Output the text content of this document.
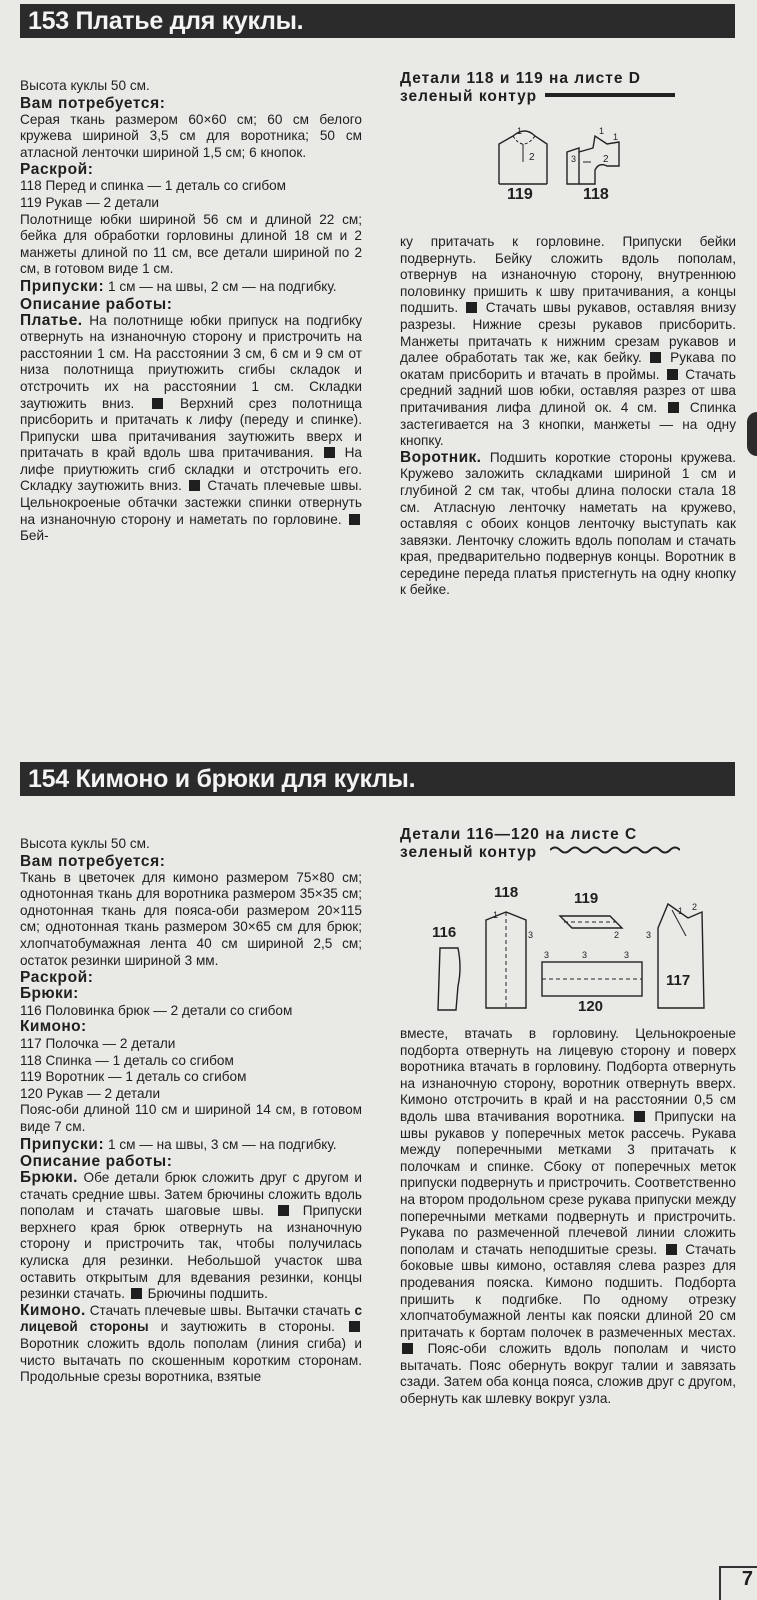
153 Платье для куклы.

Высота куклы 50 см.

Вам потребуется:

Серая ткань размером 60×60 см; 60 см белого кружева шириной 3,5 см для воротника; 50 см атласной ленточки шириной 1,5 см; 6 кнопок.

Раскрой:

118 Перед и спинка — 1 деталь со сгибом

119 Рукав — 2 детали

Полотнище юбки шириной 56 см и длиной 22 см; бейка для обработки горловины длиной 18 см и 2 манжеты длиной по 11 см, все детали шириной по 2 см, в готовом виде 1 см.

Припуски: 1 см — на швы, 2 см — на подгибку.

Описание работы:

Платье. На полотнище юбки припуск на подгибку отвернуть на изнаночную сторону и пристрочить на расстоянии 1 см. На расстоянии 3 см, 6 см и 9 см от низа полотнища приутюжить сгибы складок и отстрочить их на расстоянии 1 см. Складки заутюжить вниз.	Верхний срез полотнища присборить и притачать к лифу (переду и спинке). Припуски шва притачивания заутюжить вверх и притачать в край вдоль шва притачивания. На лифе приутюжить сгиб складки и отстрочить его. Складку заутюжить вниз. Стачать плечевые швы. Цельнокроеные обтачки застежки спинки отвернуть на изнаночную сторону и наметать по горловине.  Бей-

Детали 118 и 119 на листе D

зеленый контур

2
1	1
1
2
3
119	118

ку притачать к горловине. Припуски бейки подвернуть. Бейку сложить вдоль пополам, отвернув на изнаночную сторону, внутреннюю половинку пришить к шву притачивания, а концы подшить. Стачать швы рукавов, оставляя внизу разрезы. Нижние срезы рукавов присборить. Манжеты притачать к нижним срезам рукавов и далее обработать так же, как бейку. Рукава по окатам присборить и втачать в проймы. Стачать средний задний шов юбки, оставляя разрез от шва притачивания лифа длиной ок. 4 см. Спинка застегивается на 3 кнопки, манжеты — на одну кнопку.

Воротник. Подшить короткие стороны кружева. Кружево заложить складками шириной 1 см и глубиной 2 см так, чтобы длина полоски стала 18 см. Атласную ленточку наметать на кружево, оставляя с обоих концов ленточку выступать как завязки. Ленточку сложить вдоль пополам и стачать края, предварительно подвернув концы. Воротник в середине переда платья пристегнуть на одну кнопку к бейке.

154 Кимоно и брюки для куклы.

Высота куклы 50 см.

Вам потребуется:

Ткань в цветочек для кимоно размером 75×80 см; однотонная ткань для воротника размером 35×35 см; однотонная ткань для пояса-оби размером 20×115 см; однотонная ткань размером 30×65 см для брюк; хлопчатобумажная лента 40 см шириной 2,5 см; остаток резинки шириной 3 мм.

Раскрой:

Брюки:

116 Половинка брюк — 2 детали со сгибом

Кимоно:

117 Полочка — 2 детали

118 Спинка — 1 деталь со сгибом

119 Воротник — 1 деталь со сгибом

120 Рукав — 2 детали

Пояс-оби длиной 110 см и шириной 14 см, в готовом виде 7 см.

Припуски: 1 см — на швы, 3 см — на подгибку.

Описание работы:

Брюки. Обе детали брюк сложить друг с другом и стачать средние швы. Затем брючины сложить вдоль пополам и стачать шаговые швы.	Припуски верхнего края брюк отвернуть на изнаночную сторону и пристрочить так, чтобы получилась кулиска для резинки. Небольшой участок шва оставить открытым для вдевания резинки, концы резинки стачать. Брючины подшить.

Кимоно. Стачать плечевые швы. Вытачки стачать с лицевой стороны и заутюжить в стороны.  Воротник сложить вдоль пополам (линия сгиба) и чисто вытачать по скошенным коротким сторонам. Продольные срезы воротника, взятые

Детали 116—120 на листе С

зеленый контур

1
3
3	3	3
2
1 2
3
116
118	119
120
117

вместе, втачать в горловину. Цельнокроеные подборта отвернуть на лицевую сторону и поверх воротника втачать в горловину. Подборта отвернуть на изнаночную сторону, воротник отвернуть вверх. Кимоно отстрочить в край и на расстоянии 0,5 см вдоль шва втачивания воротника. Припуски на швы рукавов у поперечных меток рассечь. Рукава между поперечными метками 3 притачать к полочкам и спинке. Сбоку от поперечных меток припуски подвернуть и пристрочить. Соответственно на втором продольном срезе рукава припуски между поперечными метками подвернуть и пристрочить. Рукава по размеченной плечевой линии сложить пополам и стачать неподшитые срезы. Стачать боковые швы кимоно, оставляя слева разрез для продевания пояска. Кимоно подшить. Подборта пришить к подгибке. По одному отрезку хлопчатобумажной ленты как пояски длиной 20 см притачать к бортам полочек в размеченных местах.  Пояс-оби сложить вдоль пополам и чисто вытачать. Пояс обернуть вокруг талии и завязать сзади. Затем оба конца пояса, сложив друг с другом, обернуть как шлевку вокруг узла.

7
